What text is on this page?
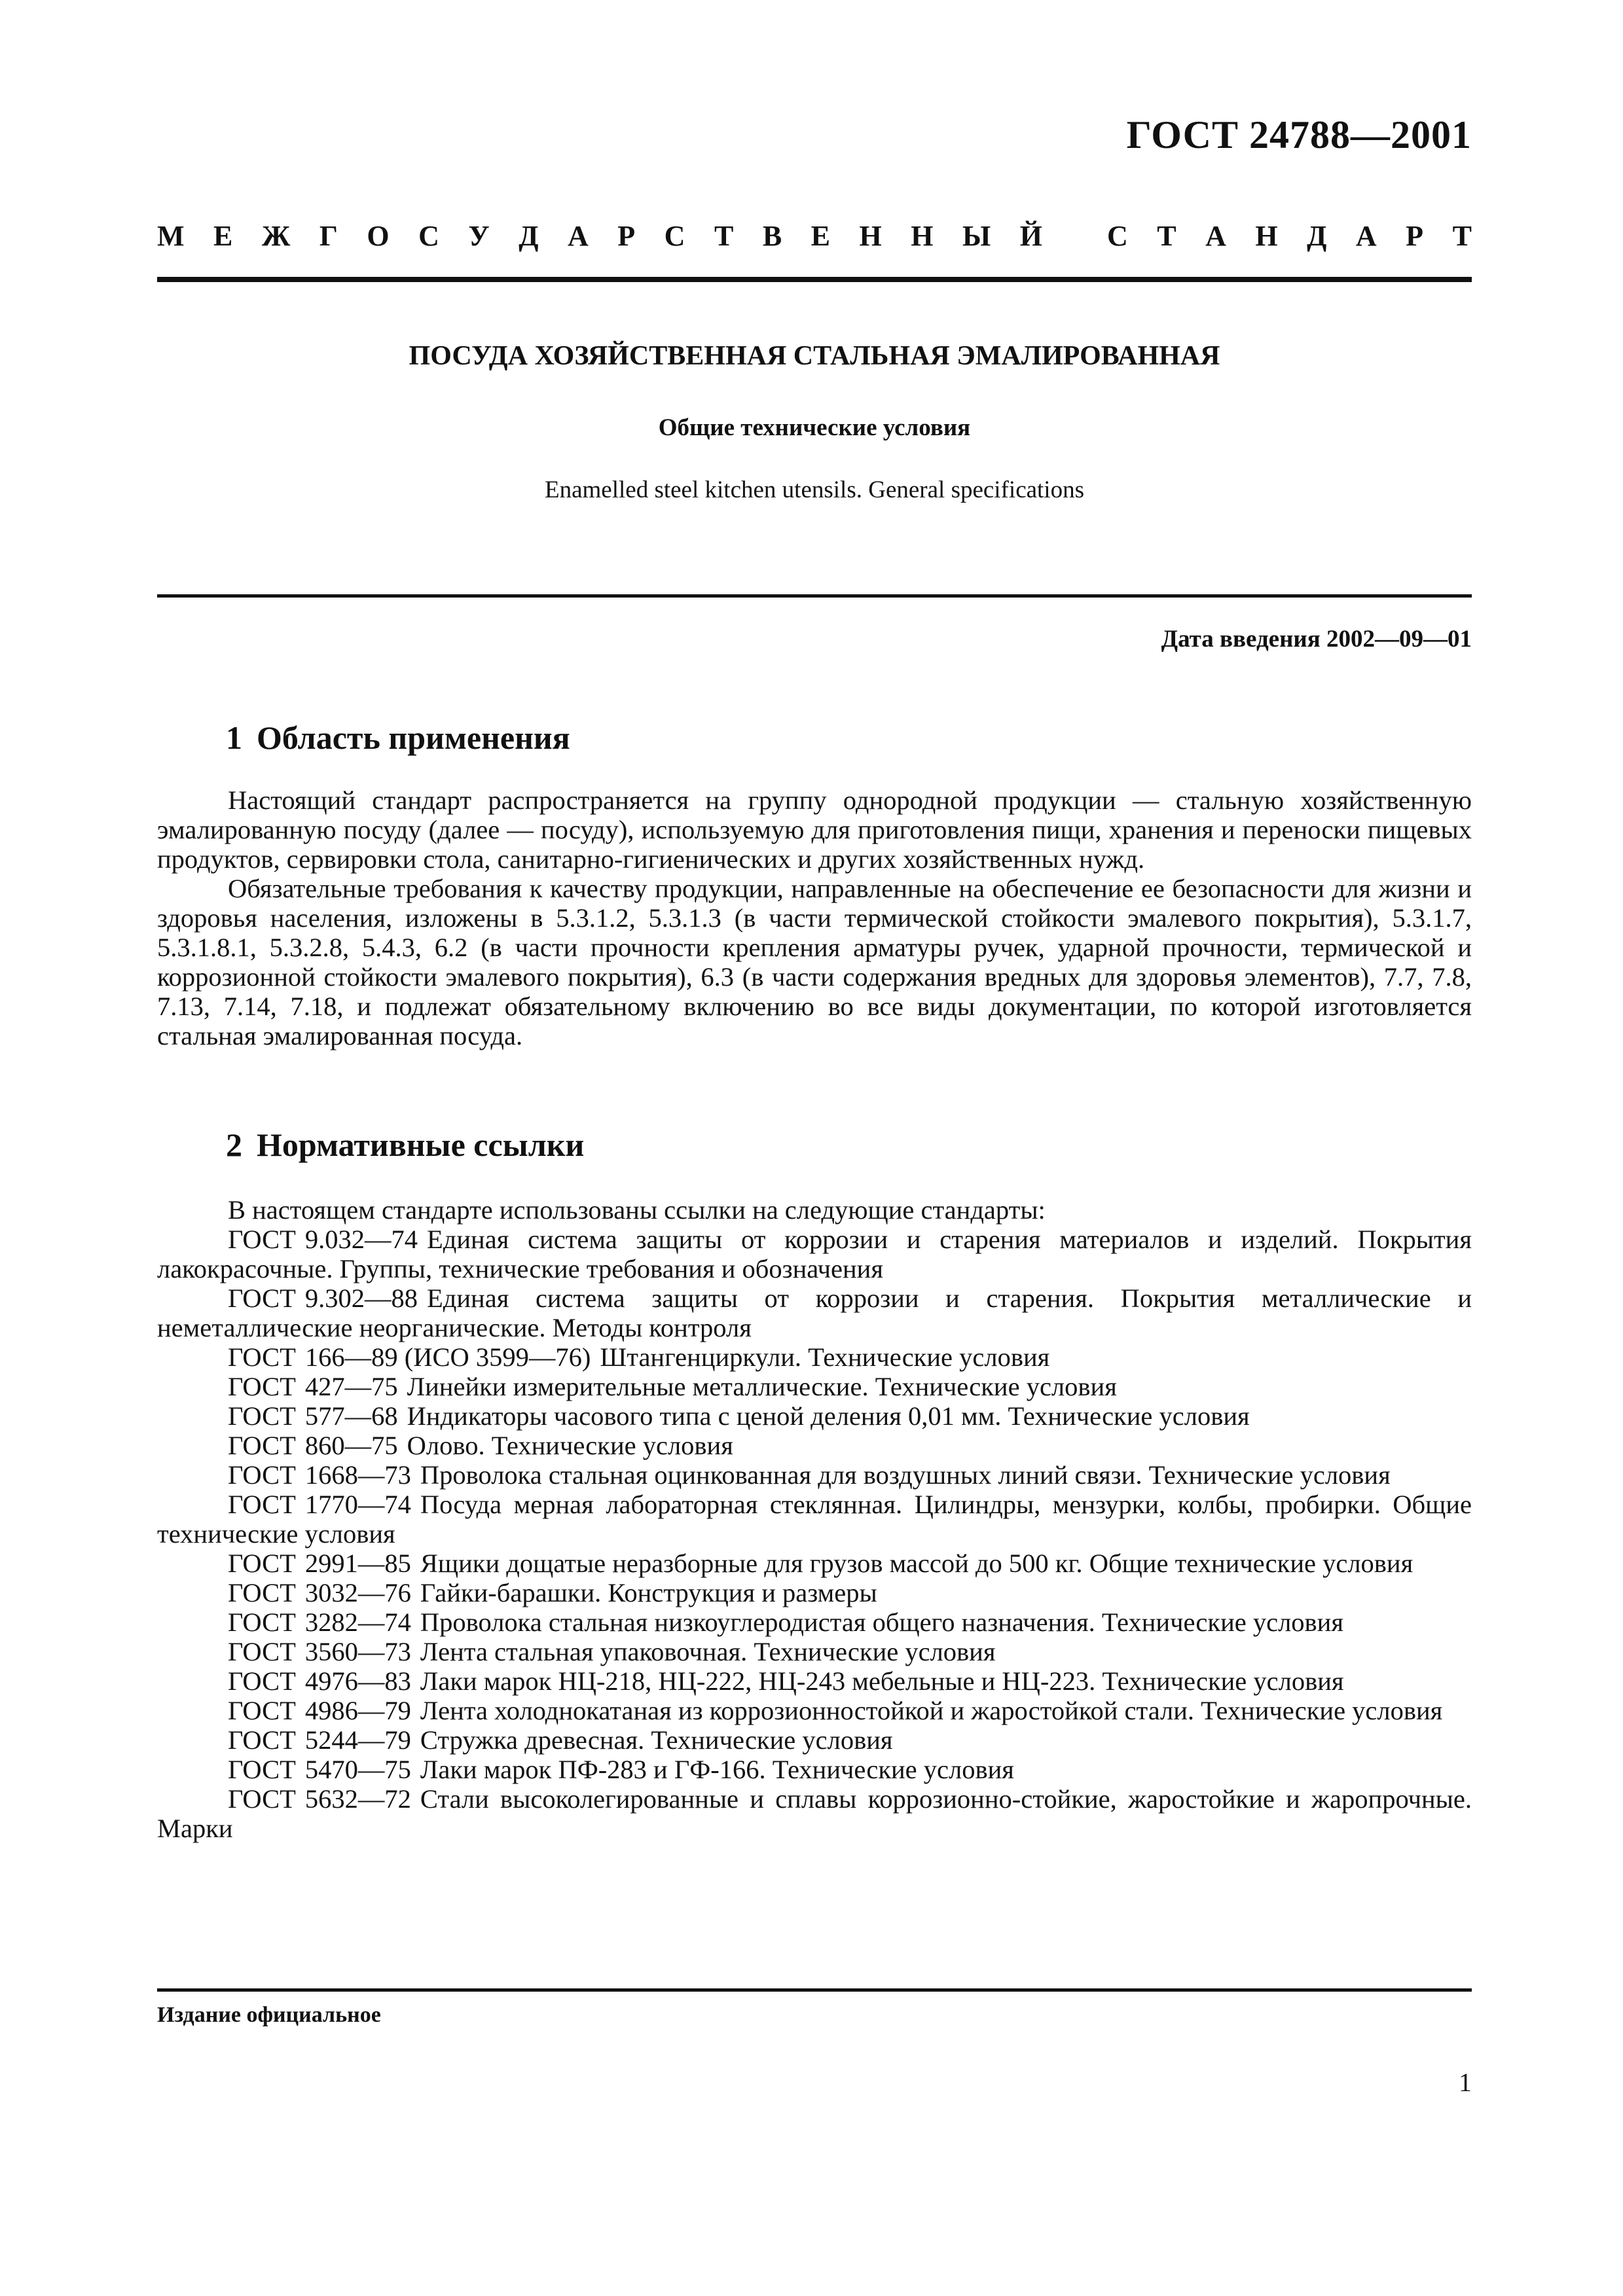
ГОСТ 24788—2001
М Е Ж Г О С У Д А Р С Т В Е Н Н Ы Й С Т А Н Д А Р Т
ПОСУДА ХОЗЯЙСТВЕННАЯ СТАЛЬНАЯ ЭМАЛИРОВАННАЯ
Общие технические условия
Enamelled steel kitchen utensils. General specifications
Дата введения 2002—09—01
1 Область применения

Настоящий стандарт распространяется на группу однородной продукции — стальную хозяйственную эмалированную посуду (далее — посуду), используемую для приготовления пищи, хранения и переноски пищевых продуктов, сервировки стола, санитарно-гигиенических и других хозяйственных нужд.

Обязательные требования к качеству продукции, направленные на обеспечение ее безопасности для жизни и здоровья населения, изложены в 5.3.1.2, 5.3.1.3 (в части термической стойкости эмалевого покрытия), 5.3.1.7, 5.3.1.8.1, 5.3.2.8, 5.4.3, 6.2 (в части прочности крепления арматуры ручек, ударной прочности, термической и коррозионной стойкости эмалевого покрытия), 6.3 (в части содержания вредных для здоровья элементов), 7.7, 7.8, 7.13, 7.14, 7.18, и подлежат обязательному включению во все виды документации, по которой изготовляется стальная эмалированная посуда.

2 Нормативные ссылки

В настоящем стандарте использованы ссылки на следующие стандарты:

ГОСТ 9.032—74 Единая система защиты от коррозии и старения материалов и изделий. Покрытия лакокрасочные. Группы, технические требования и обозначения

ГОСТ 9.302—88 Единая система защиты от коррозии и старения. Покрытия металлические и неметаллические неорганические. Методы контроля

ГОСТ 166—89 (ИСО 3599—76) Штангенциркули. Технические условия

ГОСТ 427—75 Линейки измерительные металлические. Технические условия

ГОСТ 577—68 Индикаторы часового типа с ценой деления 0,01 мм. Технические условия

ГОСТ 860—75 Олово. Технические условия

ГОСТ 1668—73 Проволока стальная оцинкованная для воздушных линий связи. Технические условия

ГОСТ 1770—74 Посуда мерная лабораторная стеклянная. Цилиндры, мензурки, колбы, пробирки. Общие технические условия

ГОСТ 2991—85 Ящики дощатые неразборные для грузов массой до 500 кг. Общие технические условия

ГОСТ 3032—76 Гайки-барашки. Конструкция и размеры

ГОСТ 3282—74 Проволока стальная низкоуглеродистая общего назначения. Технические условия

ГОСТ 3560—73 Лента стальная упаковочная. Технические условия

ГОСТ 4976—83 Лаки марок НЦ-218, НЦ-222, НЦ-243 мебельные и НЦ-223. Технические условия

ГОСТ 4986—79 Лента холоднокатаная из коррозионностойкой и жаростойкой стали. Технические условия

ГОСТ 5244—79 Стружка древесная. Технические условия

ГОСТ 5470—75 Лаки марок ПФ-283 и ГФ-166. Технические условия

ГОСТ 5632—72 Стали высоколегированные и сплавы коррозионно-стойкие, жаростойкие и жаропрочные. Марки

Издание официальное
1
